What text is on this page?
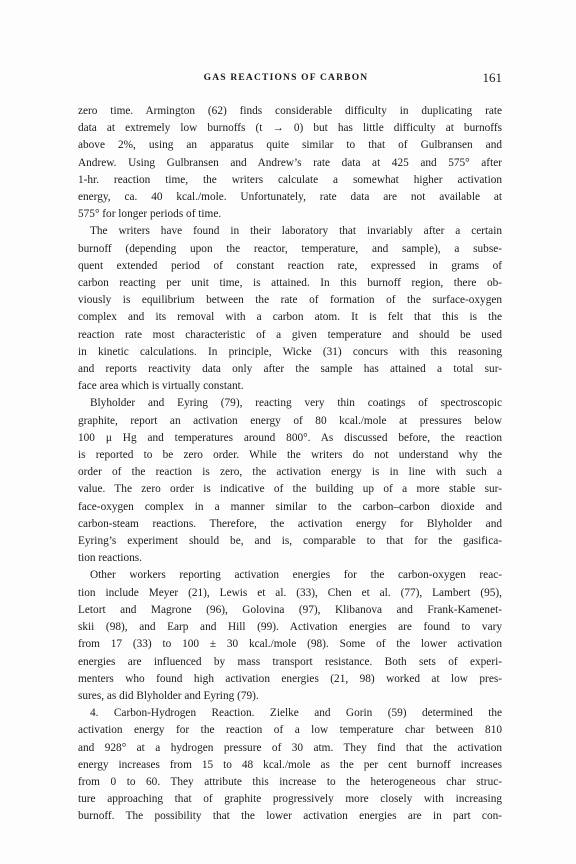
GAS REACTIONS OF CARBON	161
zero time. Armington (62) finds considerable difficulty in duplicating rate
data at extremely low burnoffs (t → 0) but has little difficulty at burnoffs
above 2%, using an apparatus quite similar to that of Gulbransen and
Andrew. Using Gulbransen and Andrew’s rate data at 425 and 575° after
1-hr. reaction time, the writers calculate a somewhat higher activation
energy, ca. 40 kcal./mole. Unfortunately, rate data are not available at
575° for longer periods of time.
The writers have found in their laboratory that invariably after a certain
burnoff (depending upon the reactor, temperature, and sample), a subse-
quent extended period of constant reaction rate, expressed in grams of
carbon reacting per unit time, is attained. In this burnoff region, there ob-
viously is equilibrium between the rate of formation of the surface-oxygen
complex and its removal with a carbon atom. It is felt that this is the
reaction rate most characteristic of a given temperature and should be used
in kinetic calculations. In principle, Wicke (31) concurs with this reasoning
and reports reactivity data only after the sample has attained a total sur-
face area which is virtually constant.
Blyholder and Eyring (79), reacting very thin coatings of spectroscopic
graphite, report an activation energy of 80 kcal./mole at pressures below
100 μ Hg and temperatures around 800°. As discussed before, the reaction
is reported to be zero order. While the writers do not understand why the
order of the reaction is zero, the activation energy is in line with such a
value. The zero order is indicative of the building up of a more stable sur-
face-oxygen complex in a manner similar to the carbon–carbon dioxide and
carbon-steam reactions. Therefore, the activation energy for Blyholder and
Eyring’s experiment should be, and is, comparable to that for the gasifica-
tion reactions.
Other workers reporting activation energies for the carbon-oxygen reac-
tion include Meyer (21), Lewis et al. (33), Chen et al. (77), Lambert (95),
Letort and Magrone (96), Golovina (97), Klibanova and Frank-Kamenet-
skii (98), and Earp and Hill (99). Activation energies are found to vary
from 17 (33) to 100 ± 30 kcal./mole (98). Some of the lower activation
energies are influenced by mass transport resistance. Both sets of experi-
menters who found high activation energies (21, 98) worked at low pres-
sures, as did Blyholder and Eyring (79).
4. Carbon-Hydrogen Reaction. Zielke and Gorin (59) determined the
activation energy for the reaction of a low temperature char between 810
and 928° at a hydrogen pressure of 30 atm. They find that the activation
energy increases from 15 to 48 kcal./mole as the per cent burnoff increases
from 0 to 60. They attribute this increase to the heterogeneous char struc-
ture approaching that of graphite progressively more closely with increasing
burnoff. The possibility that the lower activation energies are in part con-
